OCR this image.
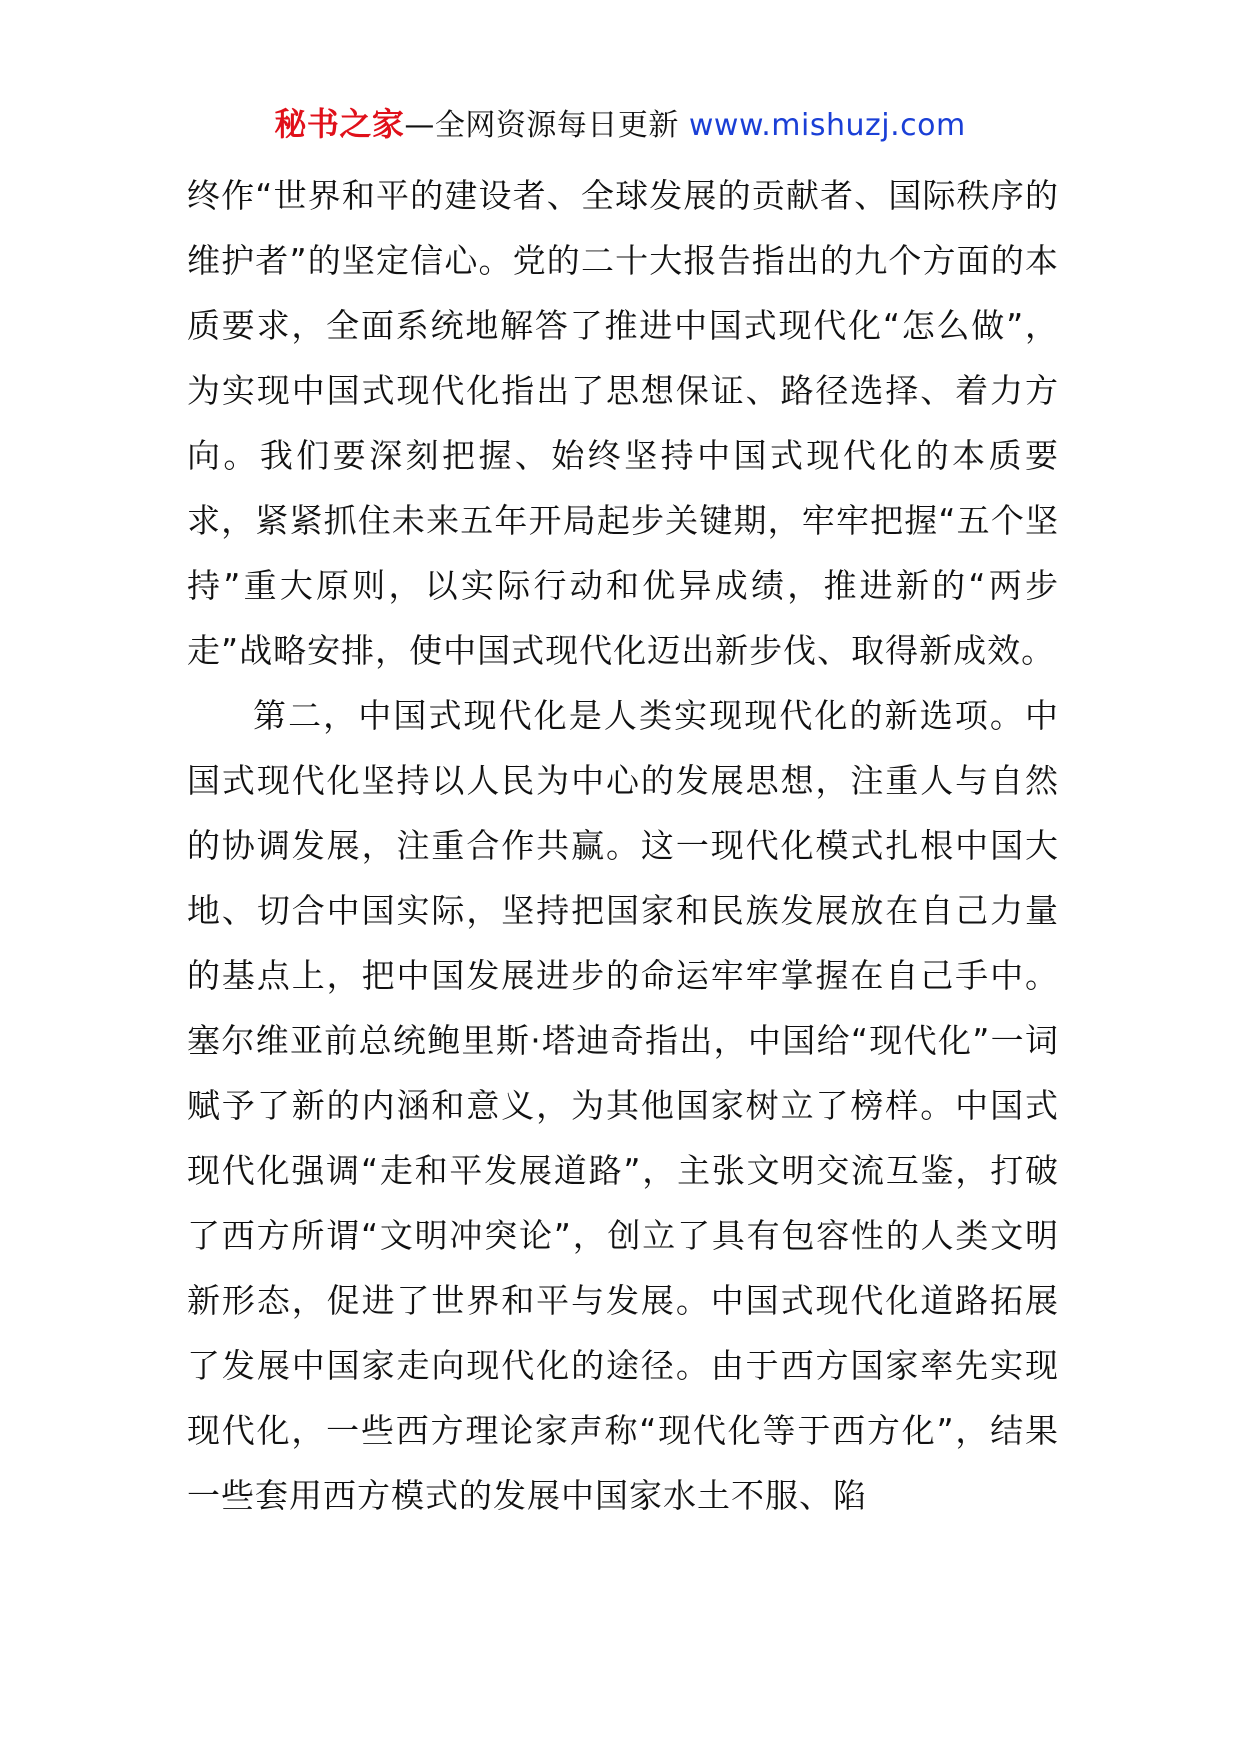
秘书之家—全网资源每日更新 www.mishuzj.com

终作“世界和平的建设者、全球发展的贡献者、国际秩序的维护者”的坚定信心。党的二十大报告指出的九个方面的本质要求，全面系统地解答了推进中国式现代化“怎么做”，为实现中国式现代化指出了思想保证、路径选择、着力方向。我们要深刻把握、始终坚持中国式现代化的本质要求，紧紧抓住未来五年开局起步关键期，牢牢把握“五个坚持”重大原则，以实际行动和优异成绩，推进新的“两步走”战略安排，使中国式现代化迈出新步伐、取得新成效。

第二，中国式现代化是人类实现现代化的新选项。中国式现代化坚持以人民为中心的发展思想，注重人与自然的协调发展，注重合作共赢。这一现代化模式扎根中国大地、切合中国实际，坚持把国家和民族发展放在自己力量的基点上，把中国发展进步的命运牢牢掌握在自己手中。塞尔维亚前总统鲍里斯·塔迪奇指出，中国给“现代化”一词赋予了新的内涵和意义，为其他国家树立了榜样。中国式现代化强调“走和平发展道路”，主张文明交流互鉴，打破了西方所谓“文明冲突论”，创立了具有包容性的人类文明新形态，促进了世界和平与发展。中国式现代化道路拓展了发展中国家走向现代化的途径。由于西方国家率先实现现代化，一些西方理论家声称“现代化等于西方化”，结果一些套用西方模式的发展中国家水土不服、陷
